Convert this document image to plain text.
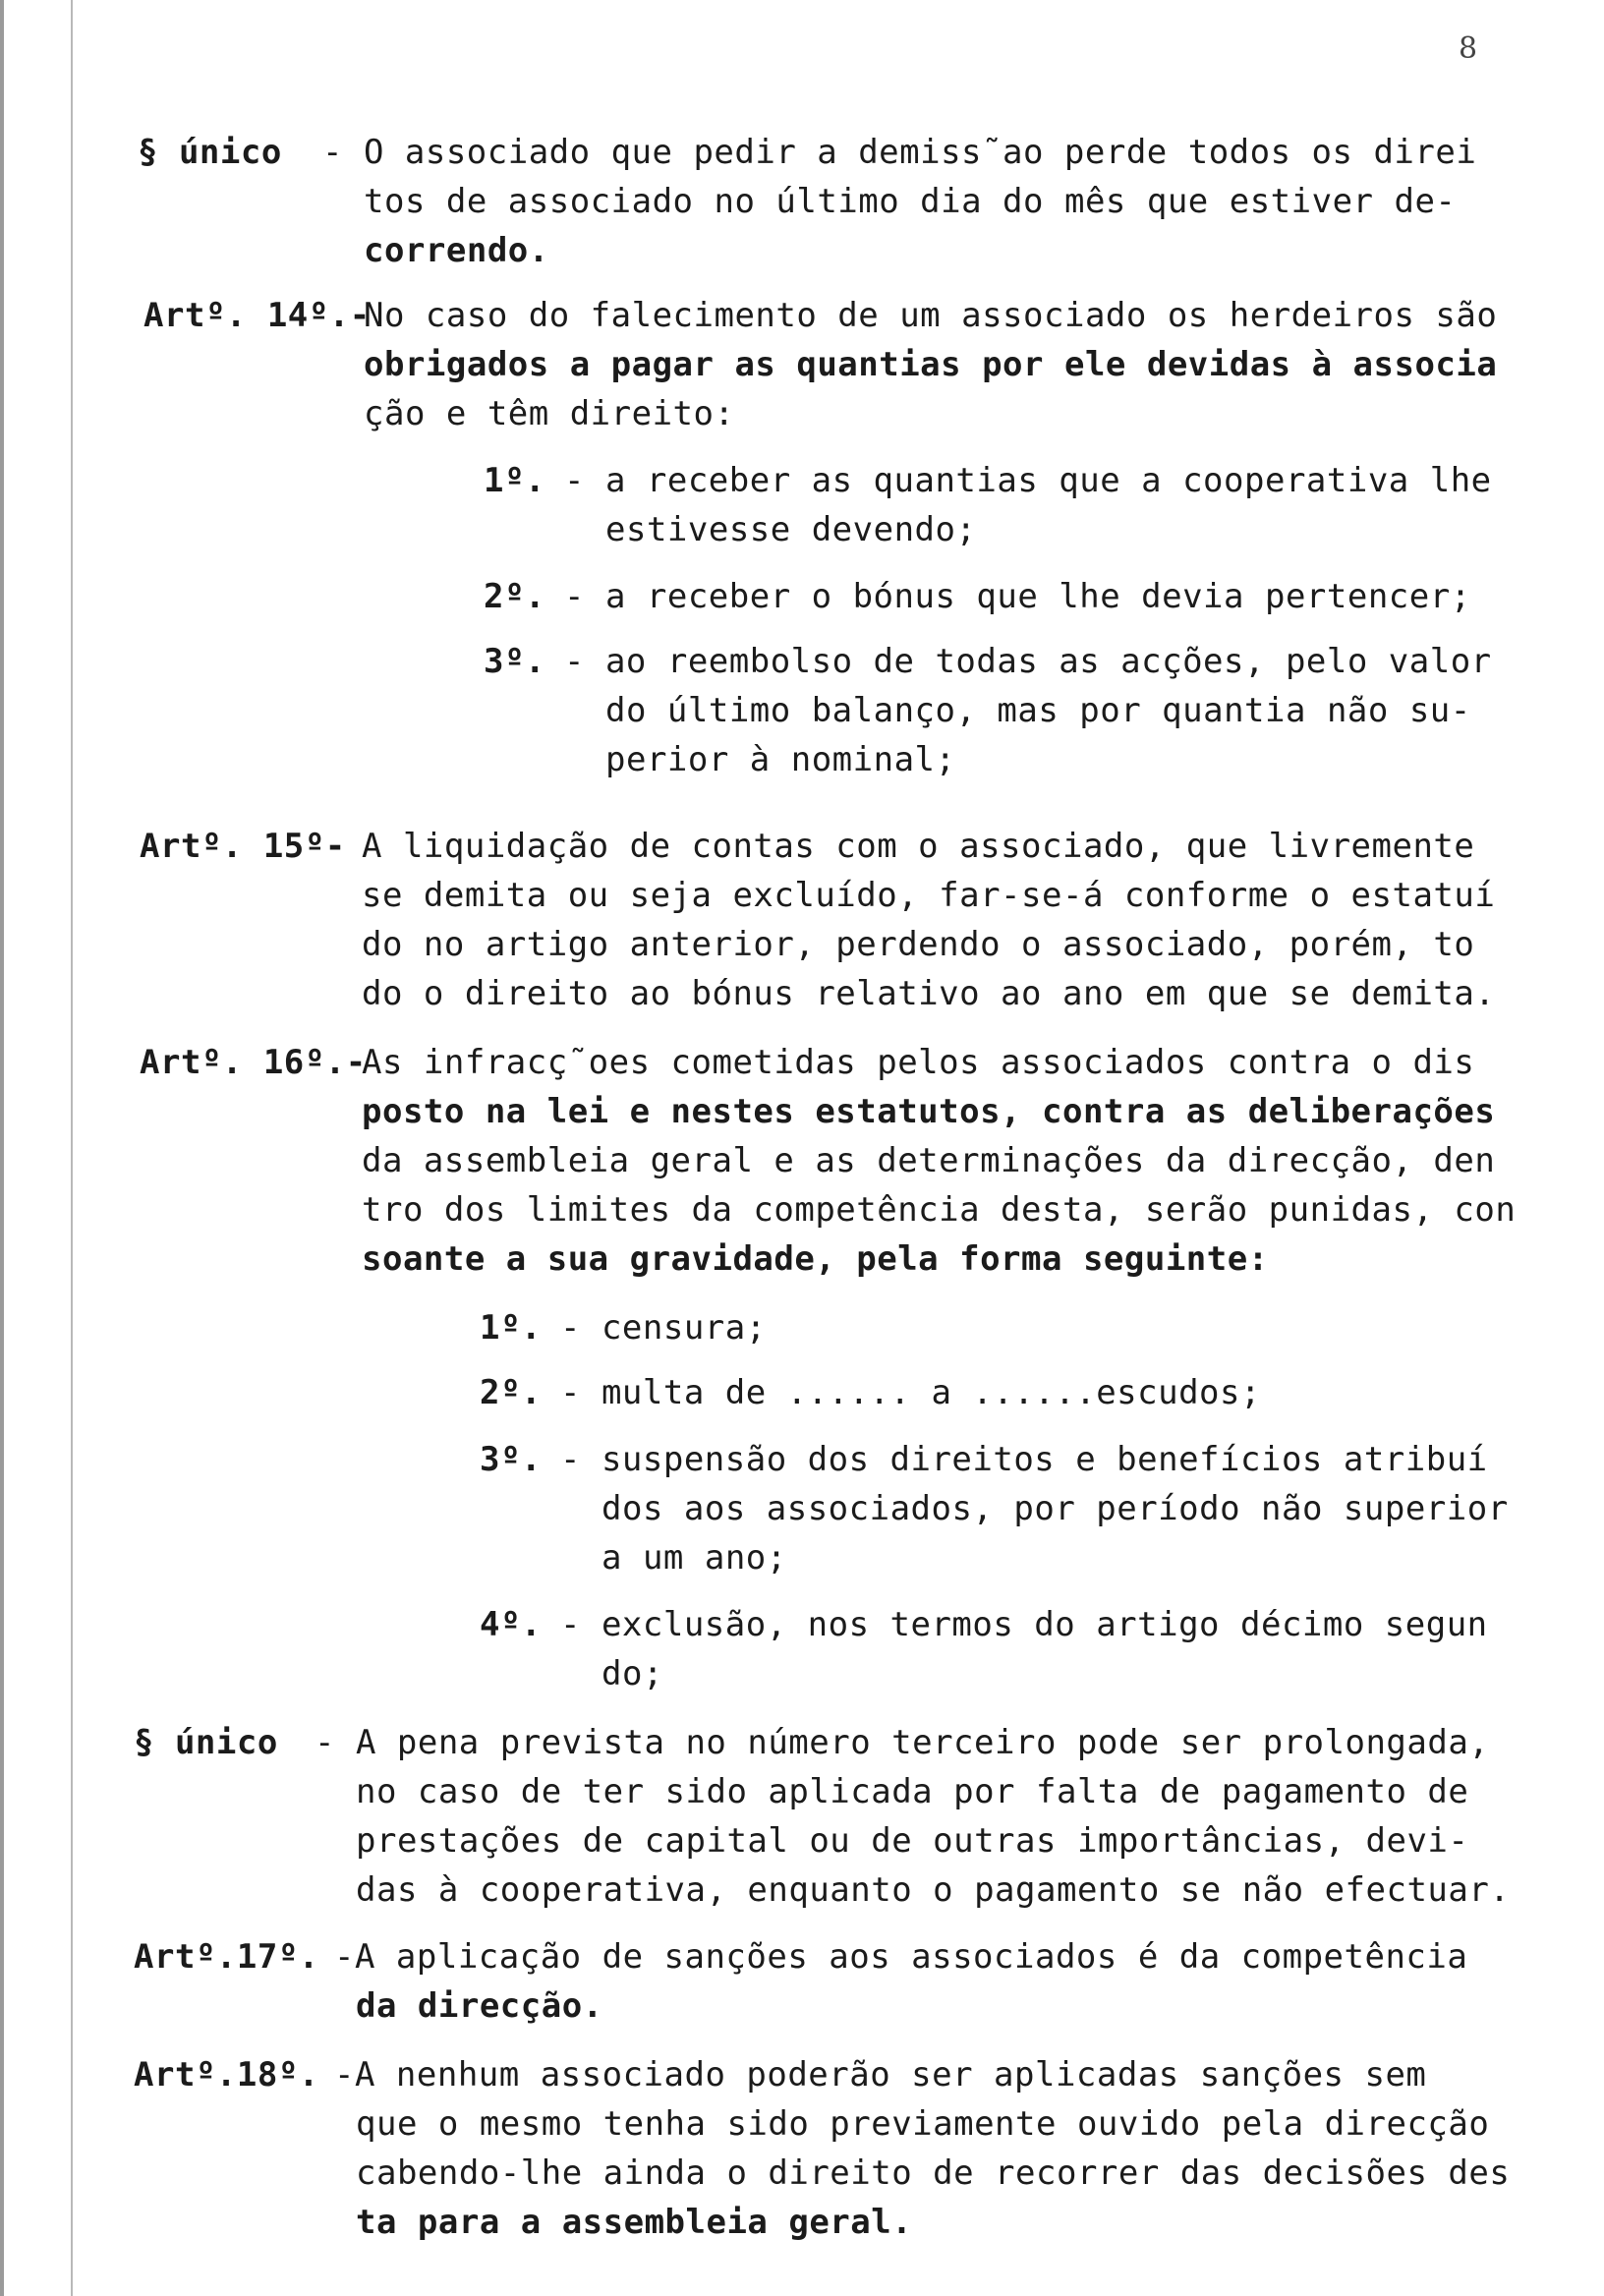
8
§ único - O associado que pedir a demiss˜ao perde todos os direi
tos de associado no último dia do mês que estiver de-
correndo.
Artº. 14º.-
No caso do falecimento de um associado os herdeiros são
obrigados a pagar as quantias por ele devidas à associa
ção e têm direito:
1º. - a receber as quantias que a cooperativa lhe
estivesse devendo;
2º. - a receber o bónus que lhe devia pertencer;
3º. - ao reembolso de todas as acções, pelo valor
do último balanço, mas por quantia não su-
perior à nominal;
Artº. 15º- A liquidação de contas com o associado, que livremente
se demita ou seja excluído, far-se-á conforme o estatuí
do no artigo anterior, perdendo o associado, porém, to
do o direito ao bónus relativo ao ano em que se demita.
Artº. 16º.-
As infracç˜oes cometidas pelos associados contra o dis
posto na lei e nestes estatutos, contra as deliberações
da assembleia geral e as determinações da direcção, den
tro dos limites da competência desta, serão punidas, con
soante a sua gravidade, pela forma seguinte:
1º. - censura;
2º. - multa de ...... a ......escudos;
3º. - suspensão dos direitos e benefícios atribuí
dos aos associados, por período não superior
a um ano;
4º. - exclusão, nos termos do artigo décimo segun
do;
§ único - A pena prevista no número terceiro pode ser prolongada,
no caso de ter sido aplicada por falta de pagamento de
prestações de capital ou de outras importâncias, devi-
das à cooperativa, enquanto o pagamento se não efectuar.
Artº.17º. -A aplicação de sanções aos associados é da competência
da direcção.
Artº.18º. -A nenhum associado poderão ser aplicadas sanções sem
que o mesmo tenha sido previamente ouvido pela direcção
cabendo-lhe ainda o direito de recorrer das decisões des
ta para a assembleia geral.
